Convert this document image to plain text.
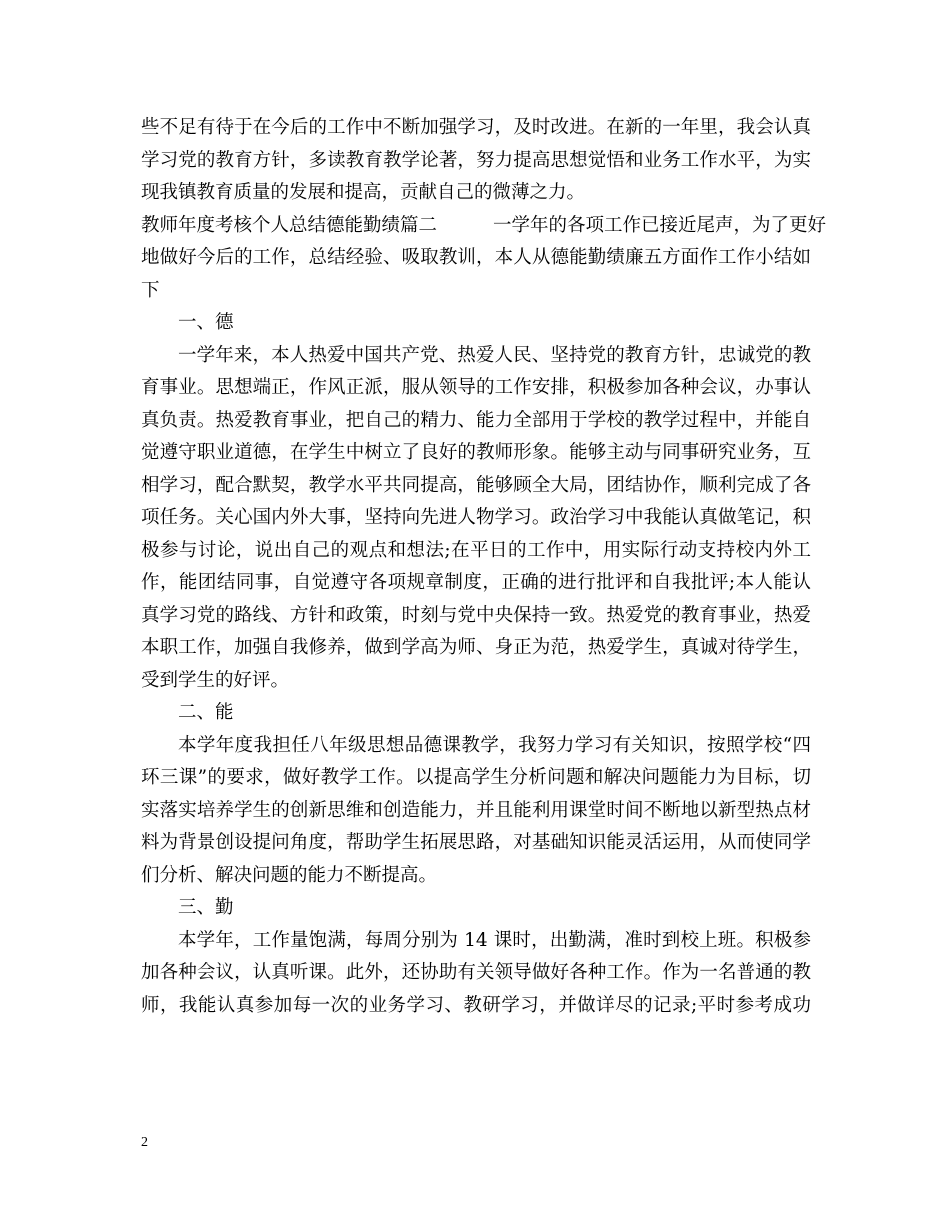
些不足有待于在今后的工作中不断加强学习，及时改进。在新的一年里，我会认真
学习党的教育方针，多读教育教学论著，努力提高思想觉悟和业务工作水平，为实
现我镇教育质量的发展和提高，贡献自己的微薄之力。
教师年度考核个人总结德能勤绩篇二	一学年的各项工作已接近尾声，为了更好
地做好今后的工作，总结经验、吸取教训，本人从德能勤绩廉五方面作工作小结如
下
一、德
一学年来，本人热爱中国共产党、热爱人民、坚持党的教育方针，忠诚党的教
育事业。思想端正，作风正派，服从领导的工作安排，积极参加各种会议，办事认
真负责。热爱教育事业，把自己的精力、能力全部用于学校的教学过程中，并能自
觉遵守职业道德，在学生中树立了良好的教师形象。能够主动与同事研究业务，互
相学习，配合默契，教学水平共同提高，能够顾全大局，团结协作，顺利完成了各
项任务。关心国内外大事，坚持向先进人物学习。政治学习中我能认真做笔记，积
极参与讨论，说出自己的观点和想法;在平日的工作中，用实际行动支持校内外工
作，能团结同事，自觉遵守各项规章制度，正确的进行批评和自我批评;本人能认
真学习党的路线、方针和政策，时刻与党中央保持一致。热爱党的教育事业，热爱
本职工作，加强自我修养，做到学高为师、身正为范，热爱学生，真诚对待学生，
受到学生的好评。
二、能
本学年度我担任八年级思想品德课教学，我努力学习有关知识，按照学校“四
环三课”的要求，做好教学工作。以提高学生分析问题和解决问题能力为目标，切
实落实培养学生的创新思维和创造能力，并且能利用课堂时间不断地以新型热点材
料为背景创设提问角度，帮助学生拓展思路，对基础知识能灵活运用，从而使同学
们分析、解决问题的能力不断提高。
三、勤
本学年，工作量饱满，每周分别为 14 课时，出勤满，准时到校上班。积极参
加各种会议，认真听课。此外，还协助有关领导做好各种工作。作为一名普通的教
师，我能认真参加每一次的业务学习、教研学习，并做详尽的记录;平时参考成功
2
